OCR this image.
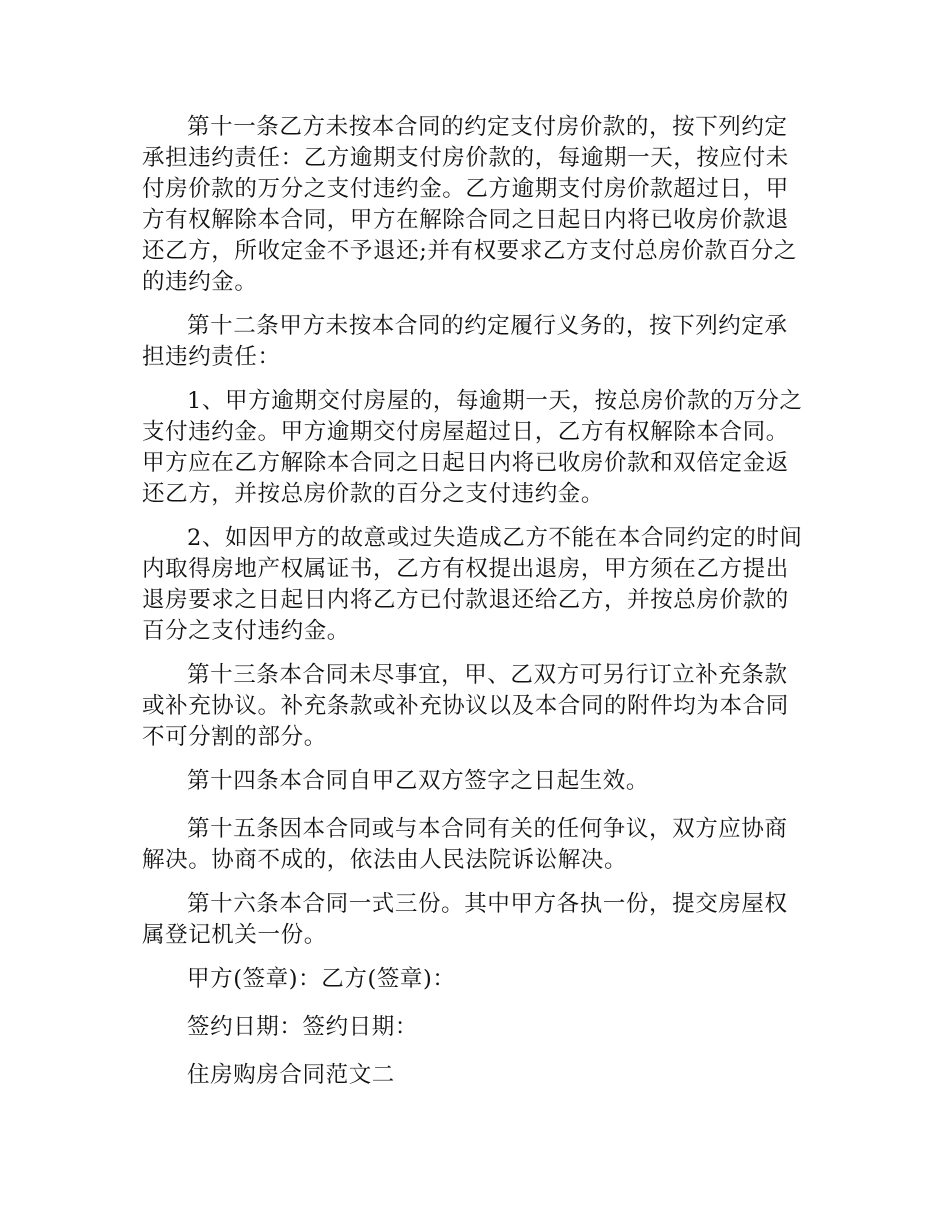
第十一条乙方未按本合同的约定支付房价款的，按下列约定承担违约责任：乙方逾期支付房价款的，每逾期一天，按应付未付房价款的万分之支付违约金。乙方逾期支付房价款超过日，甲方有权解除本合同，甲方在解除合同之日起日内将已收房价款退还乙方，所收定金不予退还;并有权要求乙方支付总房价款百分之的违约金。

第十二条甲方未按本合同的约定履行义务的，按下列约定承担违约责任：

1、甲方逾期交付房屋的，每逾期一天，按总房价款的万分之支付违约金。甲方逾期交付房屋超过日，乙方有权解除本合同。甲方应在乙方解除本合同之日起日内将已收房价款和双倍定金返还乙方，并按总房价款的百分之支付违约金。

2、如因甲方的故意或过失造成乙方不能在本合同约定的时间内取得房地产权属证书，乙方有权提出退房，甲方须在乙方提出退房要求之日起日内将乙方已付款退还给乙方，并按总房价款的百分之支付违约金。

第十三条本合同未尽事宜，甲、乙双方可另行订立补充条款或补充协议。补充条款或补充协议以及本合同的附件均为本合同不可分割的部分。

第十四条本合同自甲乙双方签字之日起生效。

第十五条因本合同或与本合同有关的任何争议，双方应协商解决。协商不成的，依法由人民法院诉讼解决。

第十六条本合同一式三份。其中甲方各执一份，提交房屋权属登记机关一份。

甲方(签章)：乙方(签章)：

签约日期：签约日期：

住房购房合同范文二
